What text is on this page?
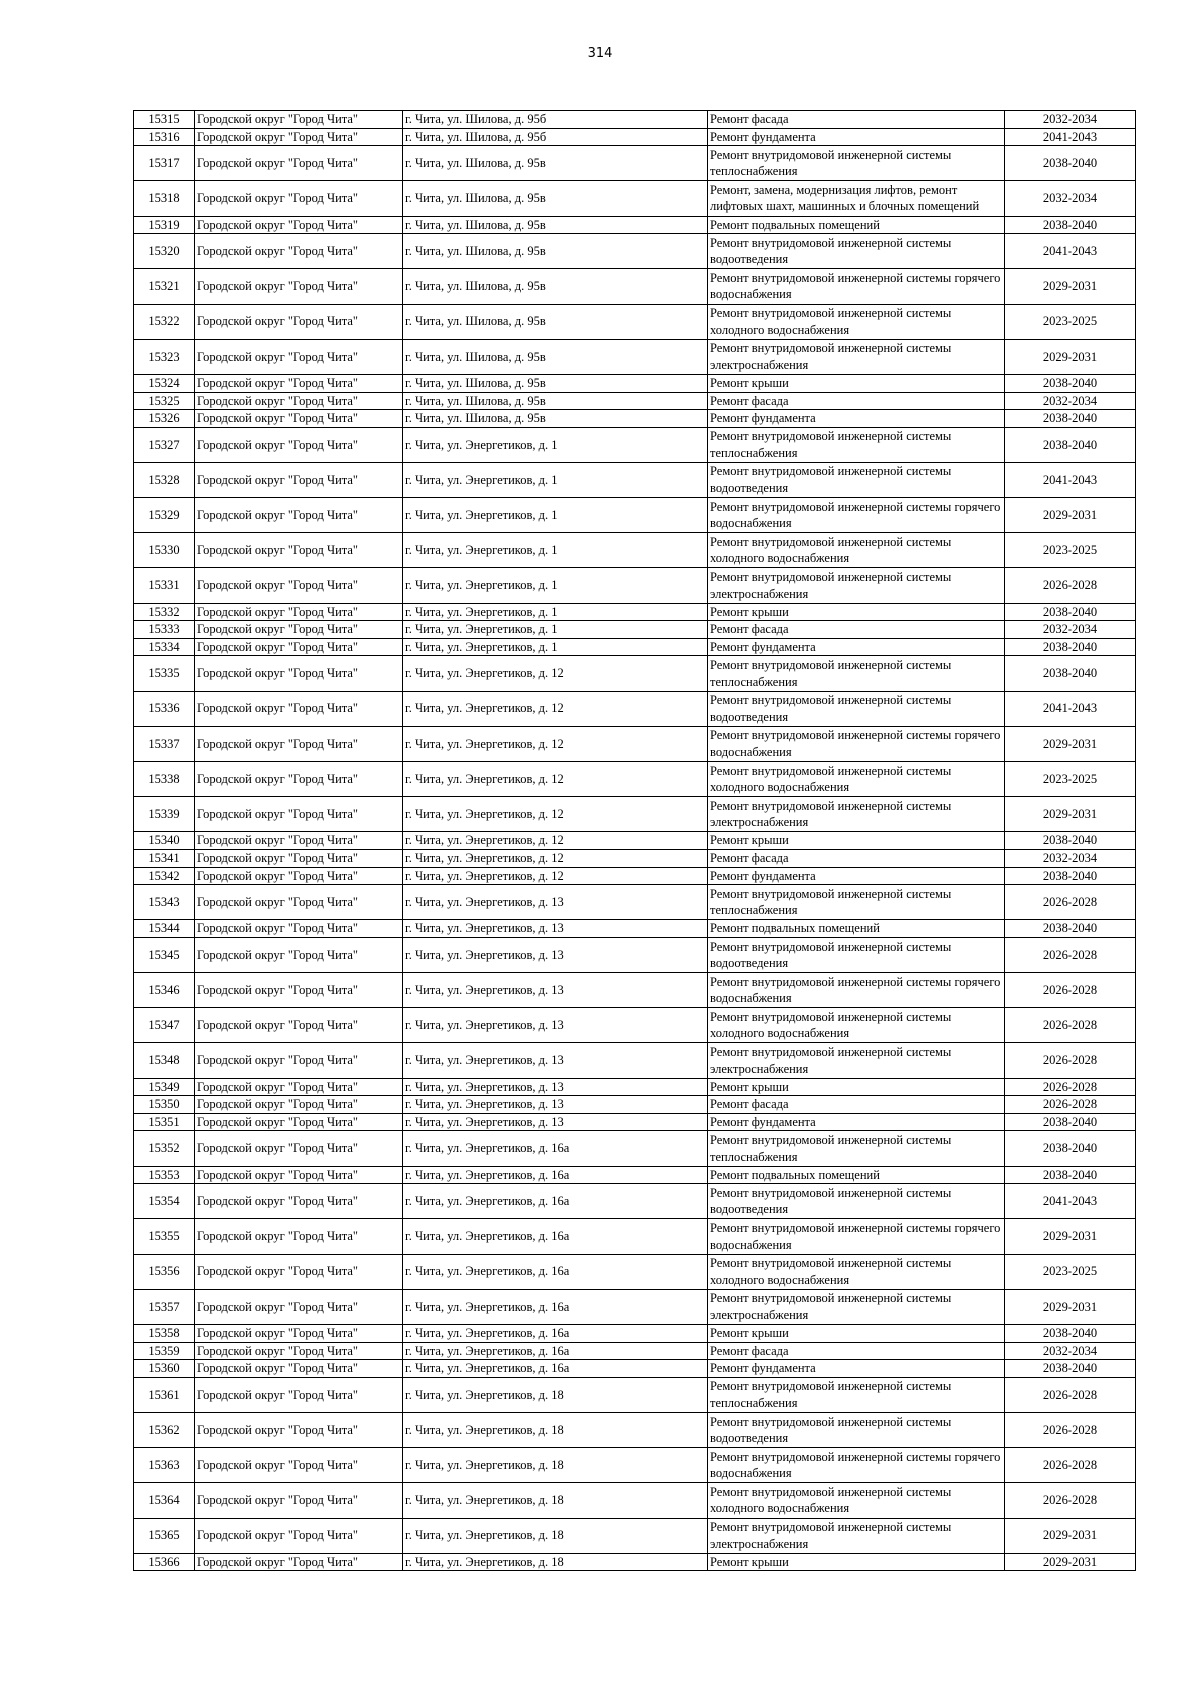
314
15315	Городской округ "Город Чита"	г. Чита, ул. Шилова, д. 95б	Ремонт фасада	2032-2034
15316	Городской округ "Город Чита"	г. Чита, ул. Шилова, д. 95б	Ремонт фундамента	2041-2043
15317	Городской округ "Город Чита"	г. Чита, ул. Шилова, д. 95в	Ремонт внутридомовой инженерной системы теплоснабжения	2038-2040
15318	Городской округ "Город Чита"	г. Чита, ул. Шилова, д. 95в	Ремонт, замена, модернизация лифтов, ремонт лифтовых шахт, машинных и блочных помещений	2032-2034
15319	Городской округ "Город Чита"	г. Чита, ул. Шилова, д. 95в	Ремонт подвальных помещений	2038-2040
15320	Городской округ "Город Чита"	г. Чита, ул. Шилова, д. 95в	Ремонт внутридомовой инженерной системы водоотведения	2041-2043
15321	Городской округ "Город Чита"	г. Чита, ул. Шилова, д. 95в	Ремонт внутридомовой инженерной системы горячего водоснабжения	2029-2031
15322	Городской округ "Город Чита"	г. Чита, ул. Шилова, д. 95в	Ремонт внутридомовой инженерной системы холодного водоснабжения	2023-2025
15323	Городской округ "Город Чита"	г. Чита, ул. Шилова, д. 95в	Ремонт внутридомовой инженерной системы электроснабжения	2029-2031
15324	Городской округ "Город Чита"	г. Чита, ул. Шилова, д. 95в	Ремонт крыши	2038-2040
15325	Городской округ "Город Чита"	г. Чита, ул. Шилова, д. 95в	Ремонт фасада	2032-2034
15326	Городской округ "Город Чита"	г. Чита, ул. Шилова, д. 95в	Ремонт фундамента	2038-2040
15327	Городской округ "Город Чита"	г. Чита, ул. Энергетиков, д. 1	Ремонт внутридомовой инженерной системы теплоснабжения	2038-2040
15328	Городской округ "Город Чита"	г. Чита, ул. Энергетиков, д. 1	Ремонт внутридомовой инженерной системы водоотведения	2041-2043
15329	Городской округ "Город Чита"	г. Чита, ул. Энергетиков, д. 1	Ремонт внутридомовой инженерной системы горячего водоснабжения	2029-2031
15330	Городской округ "Город Чита"	г. Чита, ул. Энергетиков, д. 1	Ремонт внутридомовой инженерной системы холодного водоснабжения	2023-2025
15331	Городской округ "Город Чита"	г. Чита, ул. Энергетиков, д. 1	Ремонт внутридомовой инженерной системы электроснабжения	2026-2028
15332	Городской округ "Город Чита"	г. Чита, ул. Энергетиков, д. 1	Ремонт крыши	2038-2040
15333	Городской округ "Город Чита"	г. Чита, ул. Энергетиков, д. 1	Ремонт фасада	2032-2034
15334	Городской округ "Город Чита"	г. Чита, ул. Энергетиков, д. 1	Ремонт фундамента	2038-2040
15335	Городской округ "Город Чита"	г. Чита, ул. Энергетиков, д. 12	Ремонт внутридомовой инженерной системы теплоснабжения	2038-2040
15336	Городской округ "Город Чита"	г. Чита, ул. Энергетиков, д. 12	Ремонт внутридомовой инженерной системы водоотведения	2041-2043
15337	Городской округ "Город Чита"	г. Чита, ул. Энергетиков, д. 12	Ремонт внутридомовой инженерной системы горячего водоснабжения	2029-2031
15338	Городской округ "Город Чита"	г. Чита, ул. Энергетиков, д. 12	Ремонт внутридомовой инженерной системы холодного водоснабжения	2023-2025
15339	Городской округ "Город Чита"	г. Чита, ул. Энергетиков, д. 12	Ремонт внутридомовой инженерной системы электроснабжения	2029-2031
15340	Городской округ "Город Чита"	г. Чита, ул. Энергетиков, д. 12	Ремонт крыши	2038-2040
15341	Городской округ "Город Чита"	г. Чита, ул. Энергетиков, д. 12	Ремонт фасада	2032-2034
15342	Городской округ "Город Чита"	г. Чита, ул. Энергетиков, д. 12	Ремонт фундамента	2038-2040
15343	Городской округ "Город Чита"	г. Чита, ул. Энергетиков, д. 13	Ремонт внутридомовой инженерной системы теплоснабжения	2026-2028
15344	Городской округ "Город Чита"	г. Чита, ул. Энергетиков, д. 13	Ремонт подвальных помещений	2038-2040
15345	Городской округ "Город Чита"	г. Чита, ул. Энергетиков, д. 13	Ремонт внутридомовой инженерной системы водоотведения	2026-2028
15346	Городской округ "Город Чита"	г. Чита, ул. Энергетиков, д. 13	Ремонт внутридомовой инженерной системы горячего водоснабжения	2026-2028
15347	Городской округ "Город Чита"	г. Чита, ул. Энергетиков, д. 13	Ремонт внутридомовой инженерной системы холодного водоснабжения	2026-2028
15348	Городской округ "Город Чита"	г. Чита, ул. Энергетиков, д. 13	Ремонт внутридомовой инженерной системы электроснабжения	2026-2028
15349	Городской округ "Город Чита"	г. Чита, ул. Энергетиков, д. 13	Ремонт крыши	2026-2028
15350	Городской округ "Город Чита"	г. Чита, ул. Энергетиков, д. 13	Ремонт фасада	2026-2028
15351	Городской округ "Город Чита"	г. Чита, ул. Энергетиков, д. 13	Ремонт фундамента	2038-2040
15352	Городской округ "Город Чита"	г. Чита, ул. Энергетиков, д. 16а	Ремонт внутридомовой инженерной системы теплоснабжения	2038-2040
15353	Городской округ "Город Чита"	г. Чита, ул. Энергетиков, д. 16а	Ремонт подвальных помещений	2038-2040
15354	Городской округ "Город Чита"	г. Чита, ул. Энергетиков, д. 16а	Ремонт внутридомовой инженерной системы водоотведения	2041-2043
15355	Городской округ "Город Чита"	г. Чита, ул. Энергетиков, д. 16а	Ремонт внутридомовой инженерной системы горячего водоснабжения	2029-2031
15356	Городской округ "Город Чита"	г. Чита, ул. Энергетиков, д. 16а	Ремонт внутридомовой инженерной системы холодного водоснабжения	2023-2025
15357	Городской округ "Город Чита"	г. Чита, ул. Энергетиков, д. 16а	Ремонт внутридомовой инженерной системы электроснабжения	2029-2031
15358	Городской округ "Город Чита"	г. Чита, ул. Энергетиков, д. 16а	Ремонт крыши	2038-2040
15359	Городской округ "Город Чита"	г. Чита, ул. Энергетиков, д. 16а	Ремонт фасада	2032-2034
15360	Городской округ "Город Чита"	г. Чита, ул. Энергетиков, д. 16а	Ремонт фундамента	2038-2040
15361	Городской округ "Город Чита"	г. Чита, ул. Энергетиков, д. 18	Ремонт внутридомовой инженерной системы теплоснабжения	2026-2028
15362	Городской округ "Город Чита"	г. Чита, ул. Энергетиков, д. 18	Ремонт внутридомовой инженерной системы водоотведения	2026-2028
15363	Городской округ "Город Чита"	г. Чита, ул. Энергетиков, д. 18	Ремонт внутридомовой инженерной системы горячего водоснабжения	2026-2028
15364	Городской округ "Город Чита"	г. Чита, ул. Энергетиков, д. 18	Ремонт внутридомовой инженерной системы холодного водоснабжения	2026-2028
15365	Городской округ "Город Чита"	г. Чита, ул. Энергетиков, д. 18	Ремонт внутридомовой инженерной системы электроснабжения	2029-2031
15366	Городской округ "Город Чита"	г. Чита, ул. Энергетиков, д. 18	Ремонт крыши	2029-2031
